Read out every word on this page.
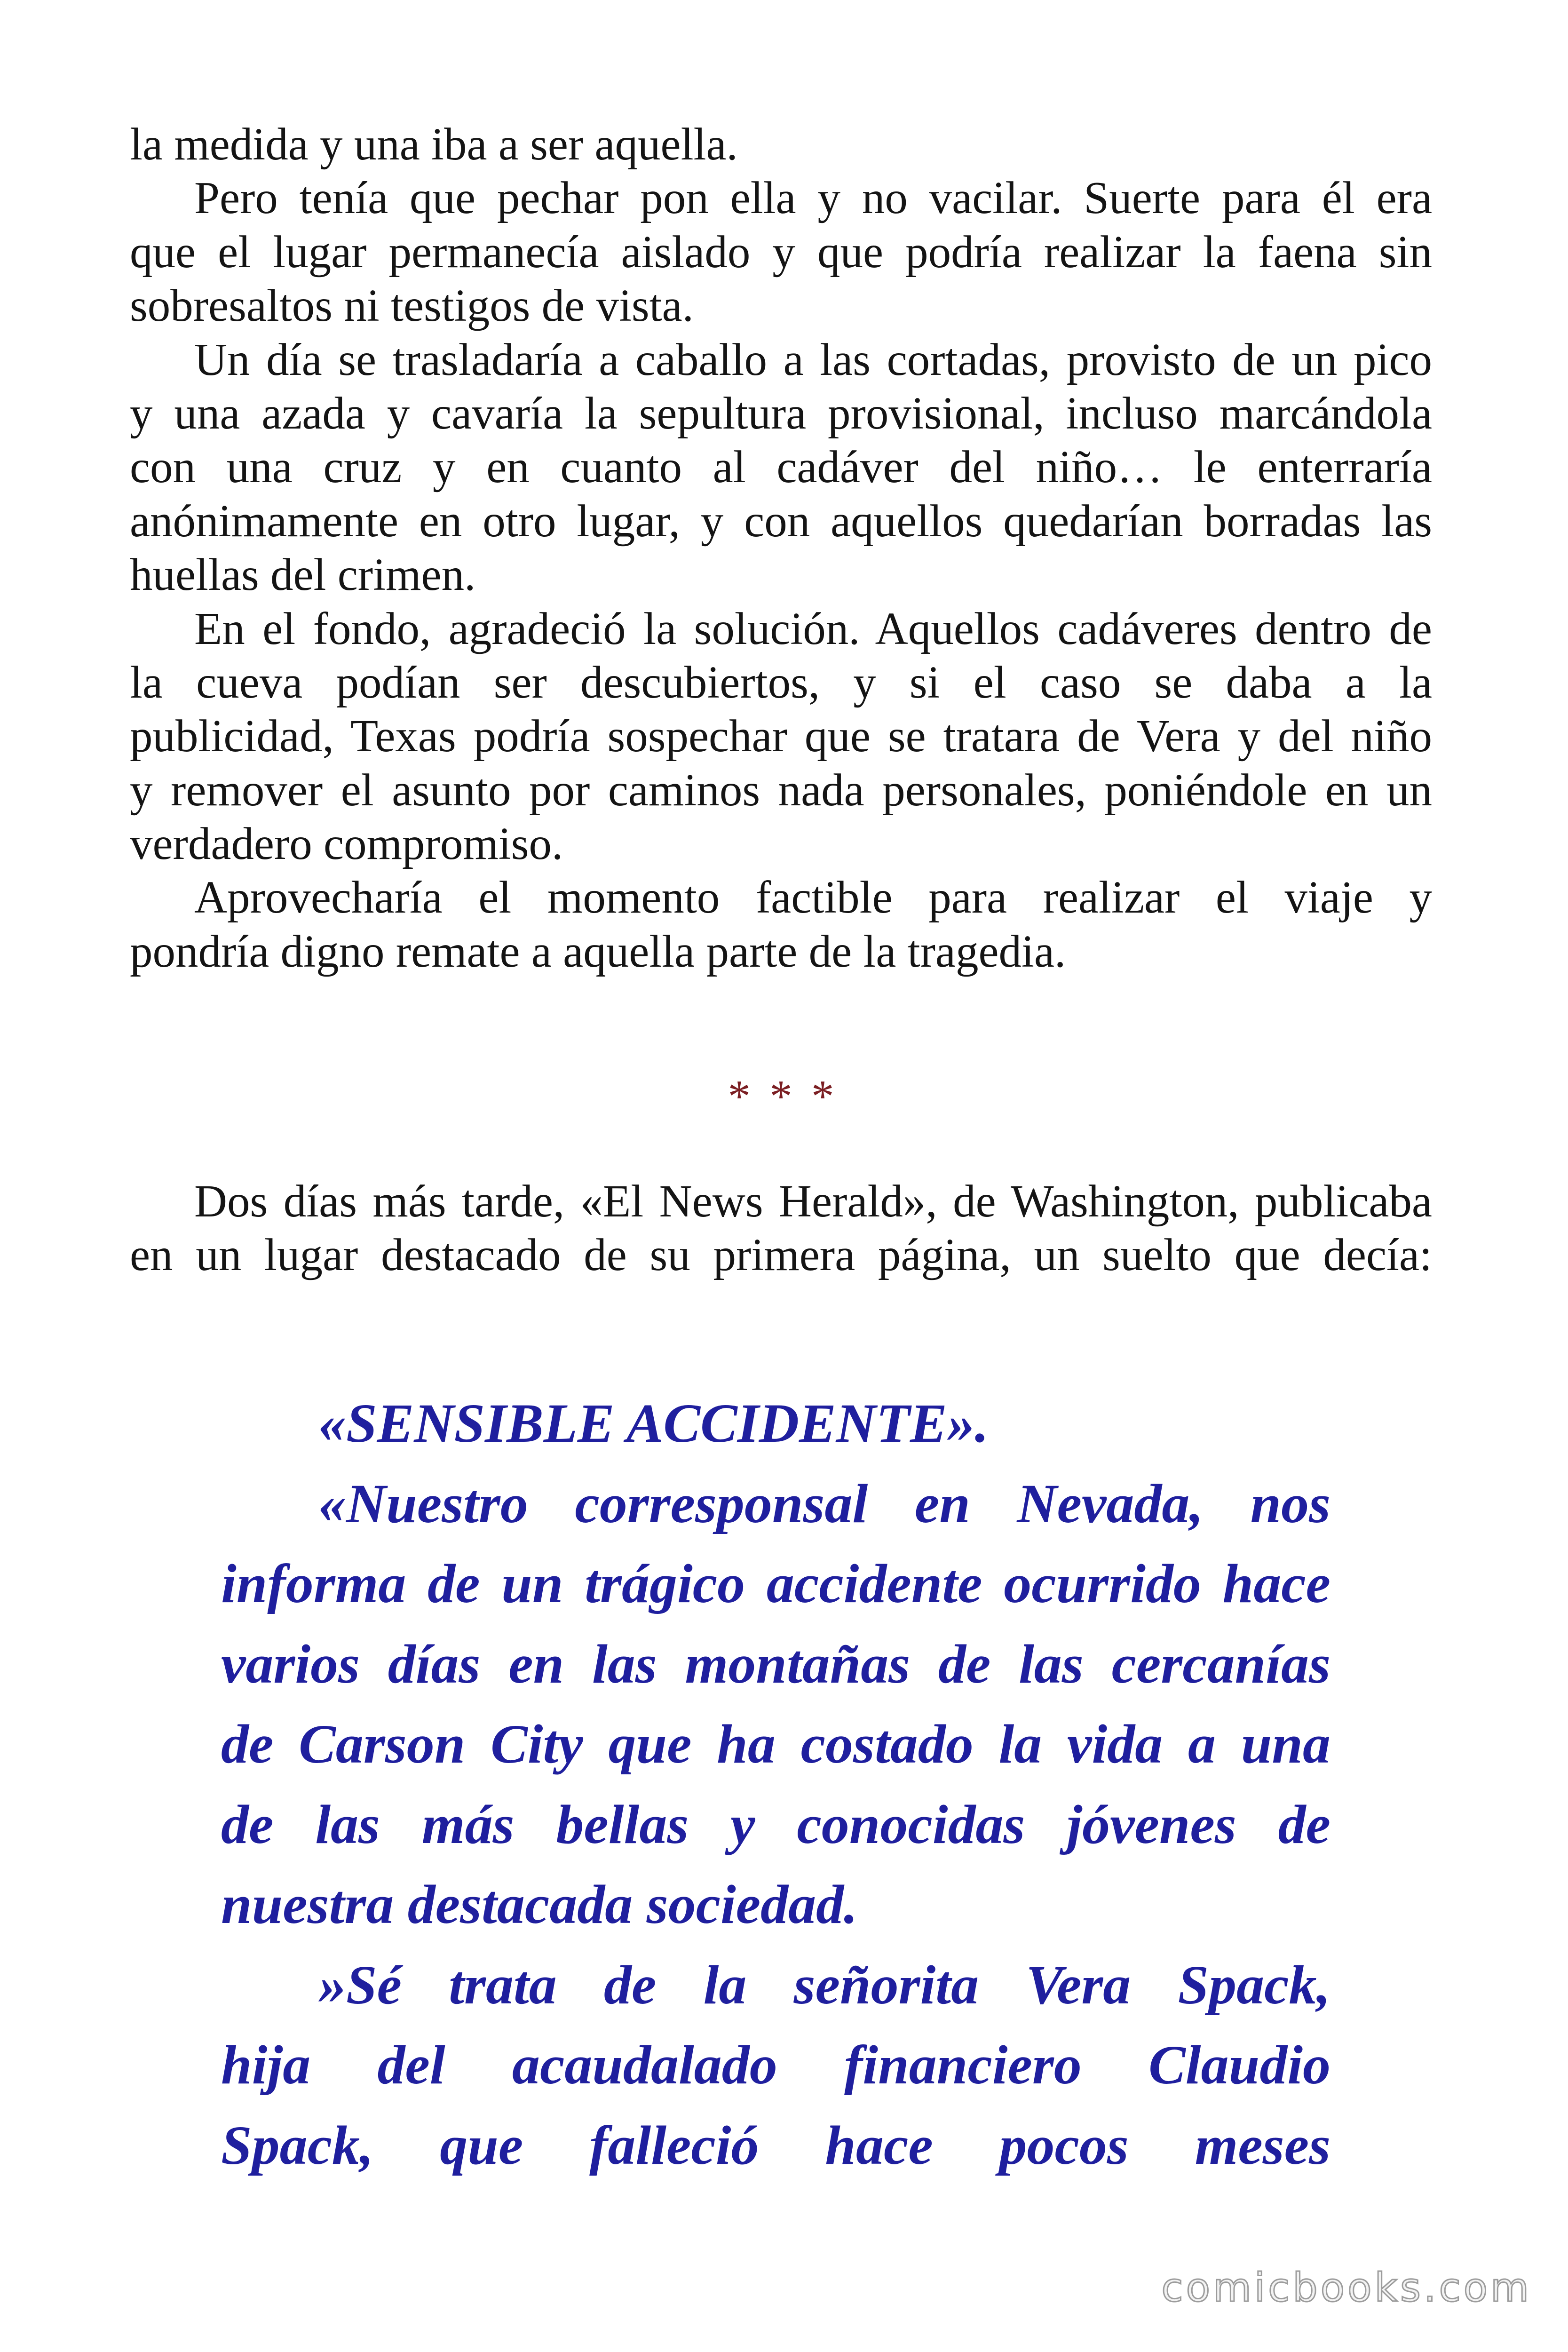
la medida y una iba a ser aquella.
Pero tenía que pechar pon ella y no vacilar. Suerte para él era
que el lugar permanecía aislado y que podría realizar la faena sin
sobresaltos ni testigos de vista.
Un día se trasladaría a caballo a las cortadas, provisto de un pico
y una azada y cavaría la sepultura provisional, incluso marcándola
con una cruz y en cuanto al cadáver del niño… le enterraría
anónimamente en otro lugar, y con aquellos quedarían borradas las
huellas del crimen.
En el fondo, agradeció la solución. Aquellos cadáveres dentro de
la cueva podían ser descubiertos, y si el caso se daba a la
publicidad, Texas podría sospechar que se tratara de Vera y del niño
y remover el asunto por caminos nada personales, poniéndole en un
verdadero compromiso.
Aprovecharía el momento factible para realizar el viaje y
pondría digno remate a aquella parte de la tragedia.
* * *
Dos días más tarde, «El News Herald», de Washington, publicaba
en un lugar destacado de su primera página, un suelto que decía:
«SENSIBLE ACCIDENTE».
«Nuestro corresponsal en Nevada, nos
informa de un trágico accidente ocurrido hace
varios días en las montañas de las cercanías
de Carson City que ha costado la vida a una
de las más bellas y conocidas jóvenes de
nuestra destacada sociedad.
»Sé trata de la señorita Vera Spack,
hija del acaudalado financiero Claudio
Spack, que falleció hace pocos meses
comicbooks.com
